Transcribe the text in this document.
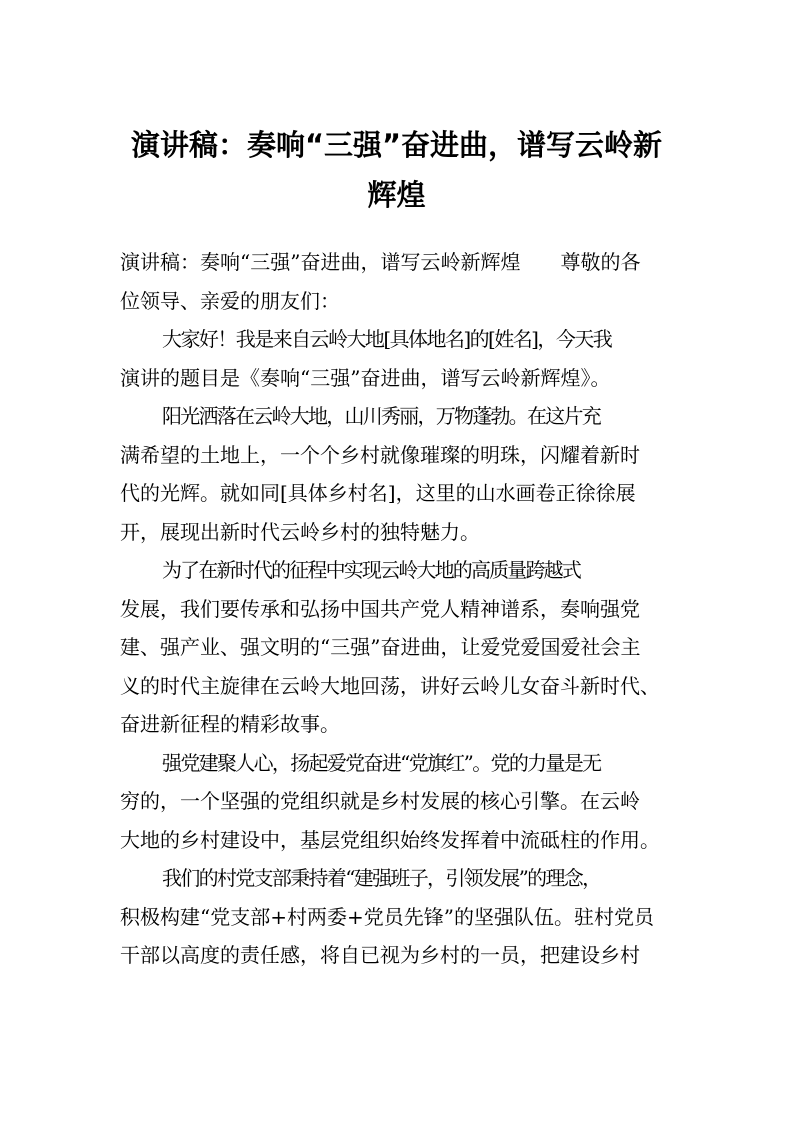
演讲稿：奏响“三强”奋进曲，谱写云岭新
辉煌

演讲稿：奏响“三强”奋进曲，谱写云岭新辉煌　　尊敬的各

位领导、亲爱的朋友们：

大家好！我是来自云岭大地[具体地名]的[姓名]，今天我

演讲的题目是《奏响“三强”奋进曲，谱写云岭新辉煌》。

阳光洒落在云岭大地，山川秀丽，万物蓬勃。在这片充

满希望的土地上，一个个乡村就像璀璨的明珠，闪耀着新时

代的光辉。就如同[具体乡村名]，这里的山水画卷正徐徐展

开，展现出新时代云岭乡村的独特魅力。

为了在新时代的征程中实现云岭大地的高质量跨越式

发展，我们要传承和弘扬中国共产党人精神谱系，奏响强党

建、强产业、强文明的“三强”奋进曲，让爱党爱国爱社会主

义的时代主旋律在云岭大地回荡，讲好云岭儿女奋斗新时代、

奋进新征程的精彩故事。

强党建聚人心，扬起爱党奋进“党旗红”。党的力量是无

穷的，一个坚强的党组织就是乡村发展的核心引擎。在云岭

大地的乡村建设中，基层党组织始终发挥着中流砥柱的作用。

我们的村党支部秉持着“建强班子，引领发展”的理念，

积极构建“党支部+村两委+党员先锋”的坚强队伍。驻村党员

干部以高度的责任感，将自已视为乡村的一员，把建设乡村
